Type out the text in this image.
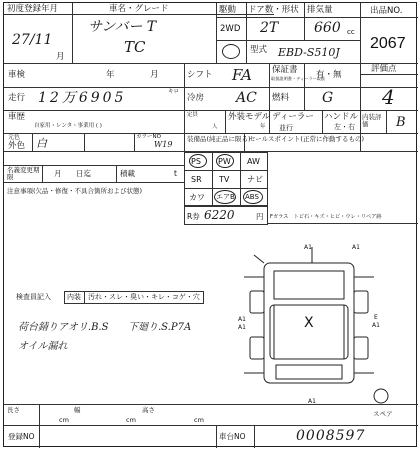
初度登録年月
27/11
月
車名・グレード
サンバー T
TC
駆動 ドア数・形状 排気量
2WD 2T	660 cc
型式 EBD-S510J
出品NO.
2067
車検	年	月	シフト FA 保証書
取扱説明書・ディーラー取扱
有・無
評価点
4
走行 12万6905	キロ
冷房 AC 燃料 G
車歴
自家用・レンタ・事業用 ( )
定員
人
外装モデル
年
ディーラー
並行
ハンドル
左・右
内装評価	B
元色
外色 白	カラーNO
W19
装備品(純正品に限る)
セールスポイント(正常に作動するもの)
名義変更期限	月 日迄	積載	t
PS PW AW
SR TV ナビ
カワ エアB ABS
注意事項(欠品・修復・不具合箇所および状態)
R券 6220	円 Fガラス　トビ石・キズ・ヒビ・ウレ・リペア跡
検査員記入 内装 汚れ・スレ・臭い・キレ・コゲ・穴
荷台錆りアオリ.B.S 下廻り.S.P7A
オイル漏れ
A1	A1
A1
A1	X	E
A1
A1
スペア
長さ
cm
幅
cm
高さ
cm
登録NO	車台NO	0008597
